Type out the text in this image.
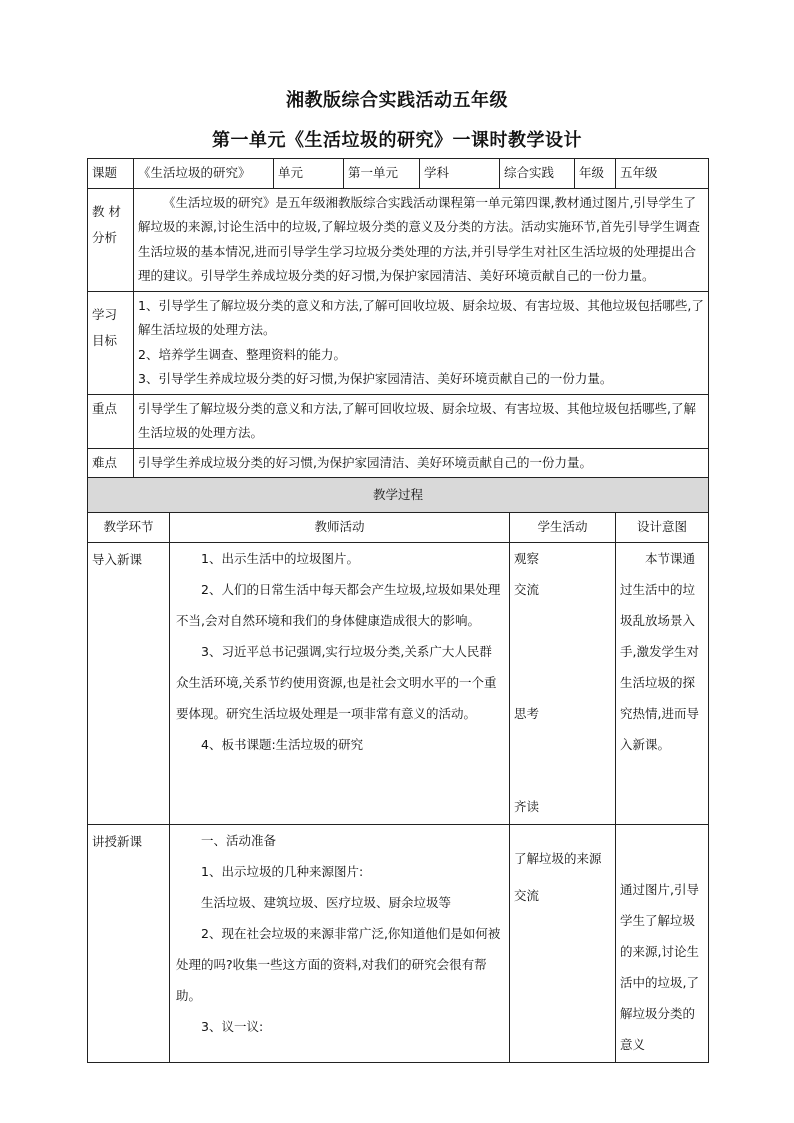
湘教版综合实践活动五年级
第一单元《生活垃圾的研究》一课时教学设计
课题	《生活垃圾的研究》		单元	第一单元	学科	综合实践		年级	五年级

教 材
分析	《生活垃圾的研究》是五年级湘教版综合实践活动课程第一单元第四课,教材通过图片,引导学生了解垃圾的来源,讨论生活中的垃圾,了解垃圾分类的意义及分类的方法。活动实施环节,首先引导学生调查生活垃圾的基本情况,进而引导学生学习垃圾分类处理的方法,并引导学生对社区生活垃圾的处理提出合理的建议。引导学生养成垃圾分类的好习惯,为保护家园清洁、美好环境贡献自己的一份力量。								

学习
目标	1、引导学生了解垃圾分类的意义和方法,了解可回收垃圾、厨余垃圾、有害垃圾、其他垃圾包括哪些,了解生活垃圾的处理方法。
2、培养学生调查、整理资料的能力。
3、引导学生养成垃圾分类的好习惯,为保护家园清洁、美好环境贡献自己的一份力量。								

重点	引导学生了解垃圾分类的意义和方法,了解可回收垃圾、厨余垃圾、有害垃圾、其他垃圾包括哪些,了解生活垃圾的处理方法。								
难点	引导学生养成垃圾分类的好习惯,为保护家园清洁、美好环境贡献自己的一份力量。								
教学过程									
教学环节		教师活动					学生活动		设计意图
导入新课		1、出示生活中的垃圾图片。
2、人们的日常生活中每天都会产生垃圾,垃圾如果处理不当,会对自然环境和我们的身体健康造成很大的影响。
3、习近平总书记强调,实行垃圾分类,关系广大人民群众生活环境,关系节约使用资源,也是社会文明水平的一个重要体现。研究生活垃圾处理是一项非常有意义的活动。
4、板书课题:生活垃圾的研究					观察
交流
思考
齐读		本节课通过生活中的垃圾乱放场景入手,激发学生对生活垃圾的探究热情,进而导入新课。
讲授新课		一、活动准备
1、出示垃圾的几种来源图片:
生活垃圾、建筑垃圾、医疗垃圾、厨余垃圾等
2、现在社会垃圾的来源非常广泛,你知道他们是如何被处理的吗?收集一些这方面的资料,对我们的研究会很有帮助。
3、议一议:					了解垃圾的来源
交流		通过图片,引导学生了解垃圾的来源,讨论生活中的垃圾,了解垃圾分类的意义
